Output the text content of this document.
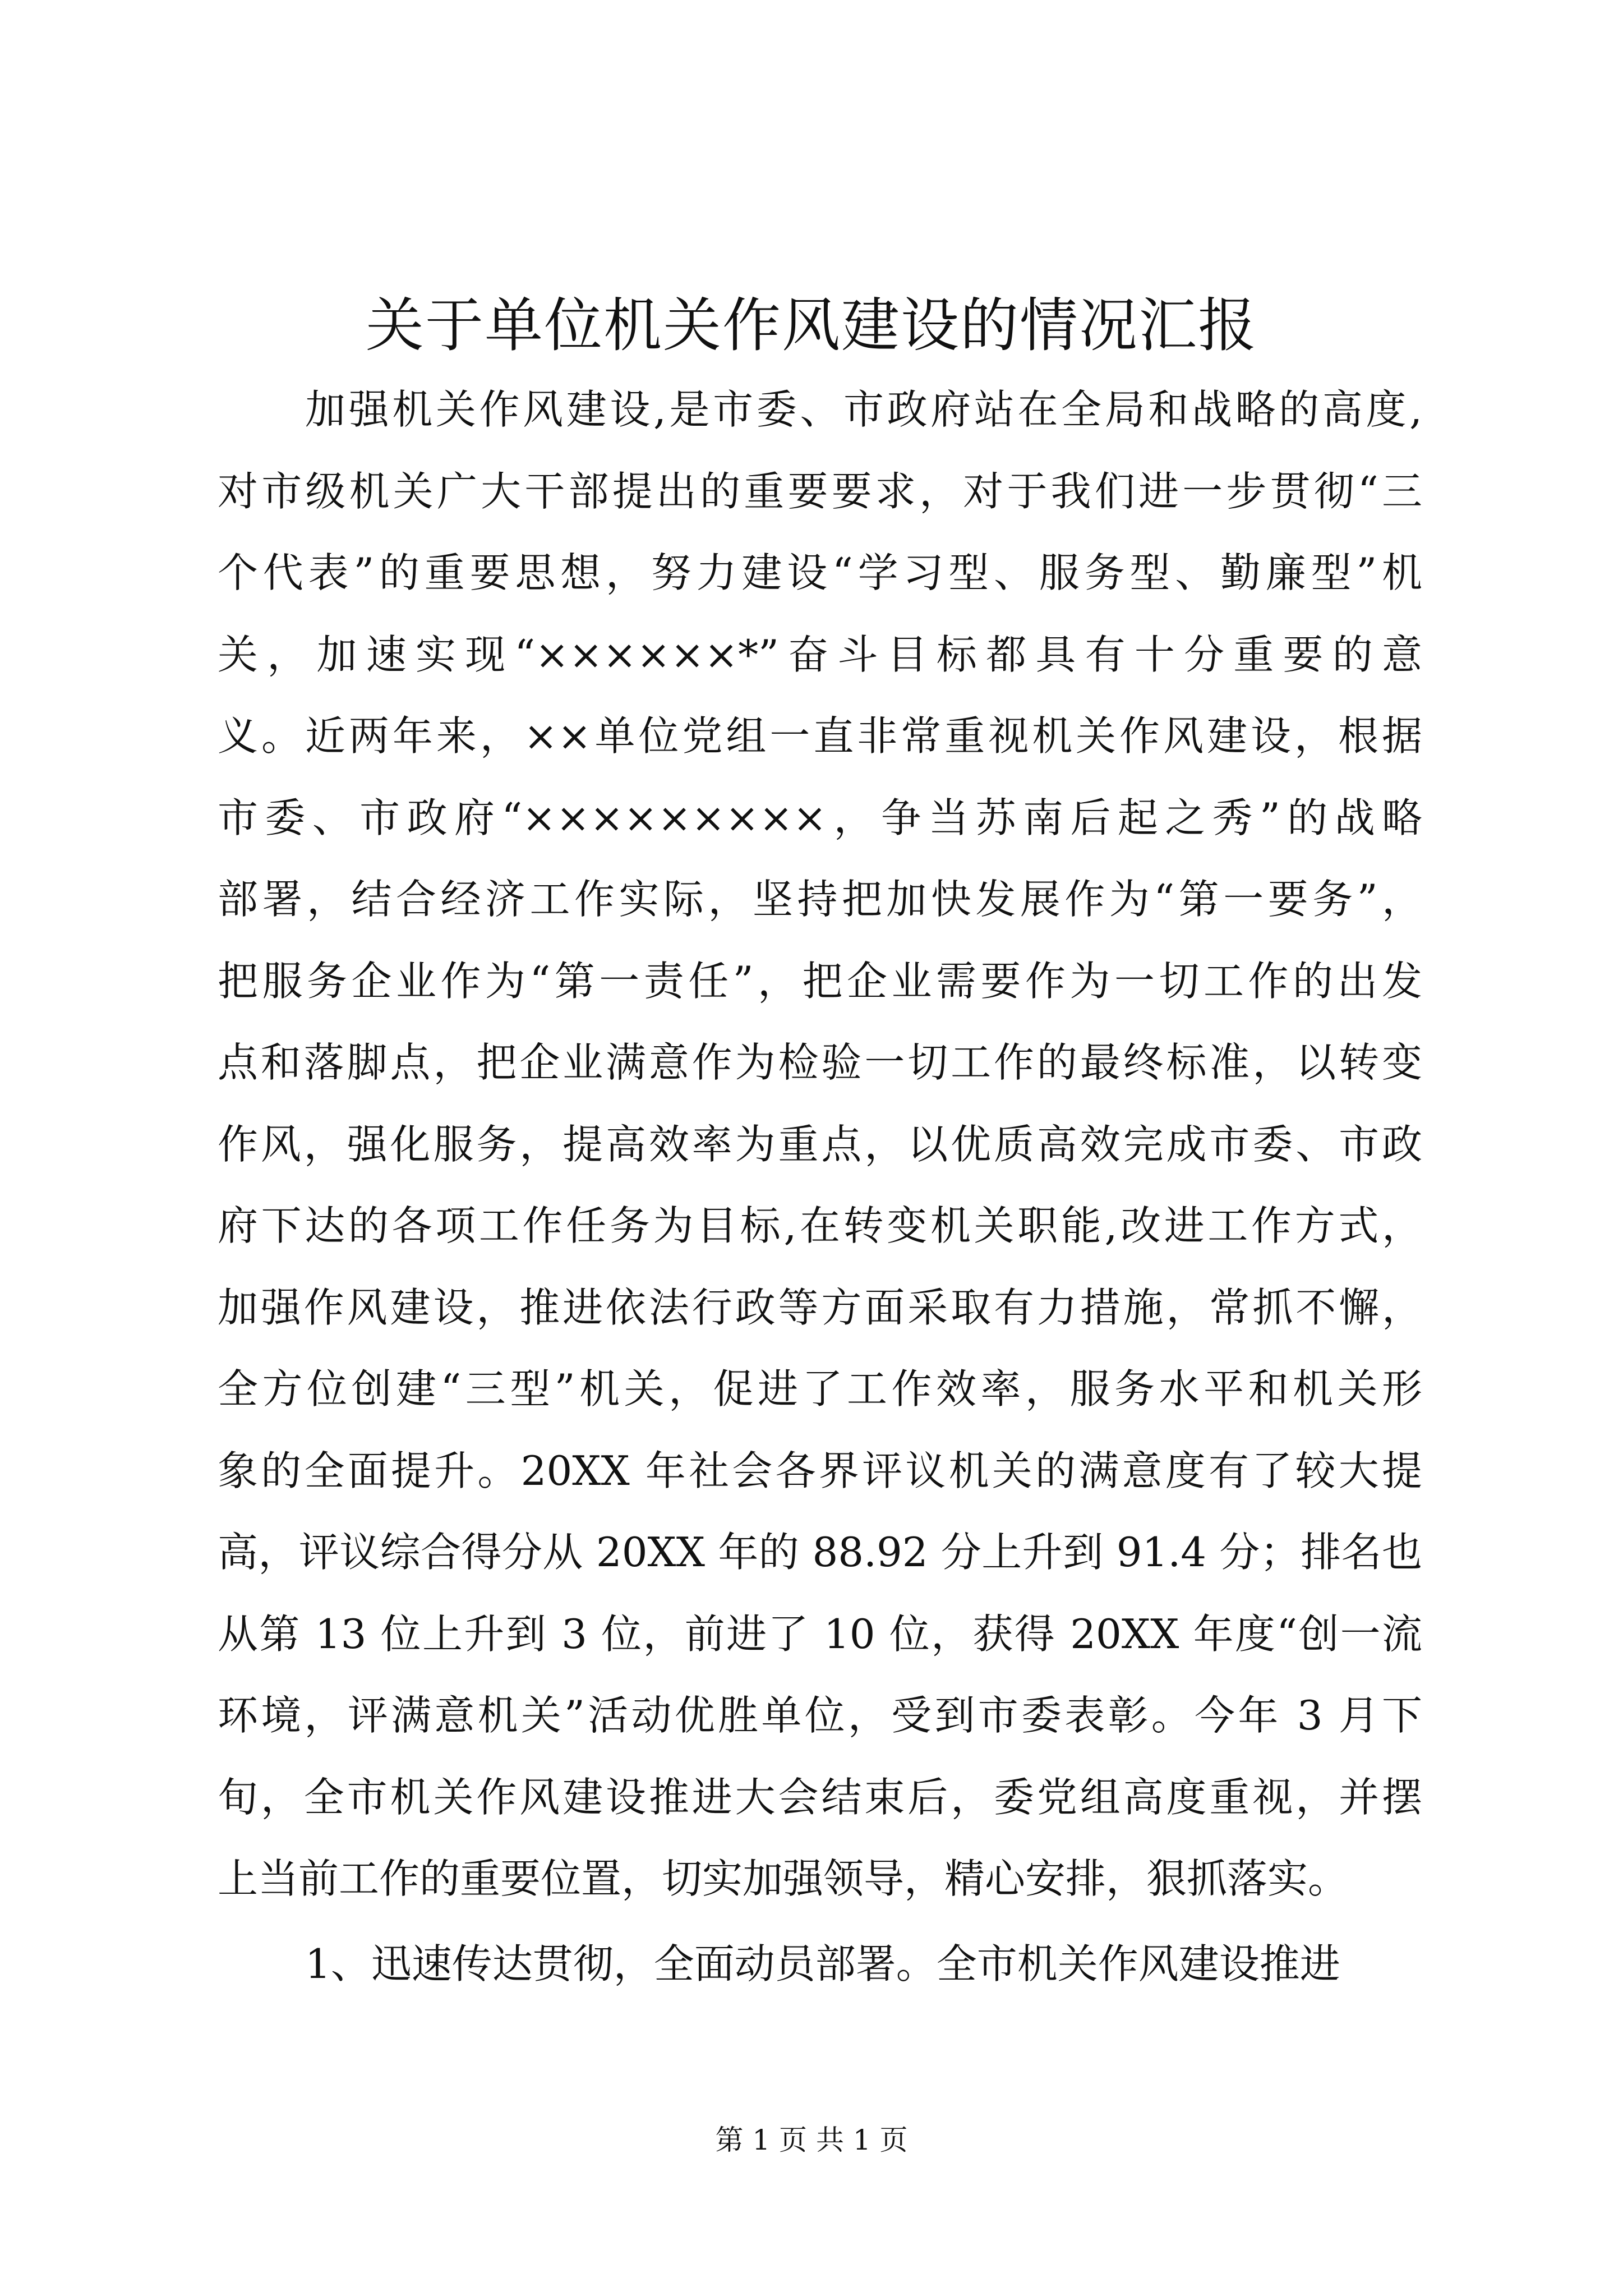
关于单位机关作风建设的情况汇报
加强机关作风建设,是市委、市政府站在全局和战略的高度,
对市级机关广大干部提出的重要要求，对于我们进一步贯彻“三
个代表”的重要思想，努力建设“学习型、服务型、勤廉型”机
关，加速实现“××××××*”奋斗目标都具有十分重要的意
义。近两年来，××单位党组一直非常重视机关作风建设，根据
市委、市政府“×××××××××，争当苏南后起之秀”的战略
部署，结合经济工作实际，坚持把加快发展作为“第一要务”，
把服务企业作为“第一责任”，把企业需要作为一切工作的出发
点和落脚点，把企业满意作为检验一切工作的最终标准，以转变
作风，强化服务，提高效率为重点，以优质高效完成市委、市政
府下达的各项工作任务为目标,在转变机关职能,改进工作方式，
加强作风建设，推进依法行政等方面采取有力措施，常抓不懈，
全方位创建“三型”机关，促进了工作效率，服务水平和机关形
象的全面提升。20XX 年社会各界评议机关的满意度有了较大提
高，评议综合得分从 20XX 年的 88.92 分上升到 91.4 分；排名也
从第 13 位上升到 3 位，前进了 10 位，获得 20XX 年度“创一流
环境，评满意机关”活动优胜单位，受到市委表彰。今年 3 月下
旬，全市机关作风建设推进大会结束后，委党组高度重视，并摆
上当前工作的重要位置，切实加强领导，精心安排，狠抓落实。
1、迅速传达贯彻，全面动员部署。全市机关作风建设推进
第 1 页 共 1 页
